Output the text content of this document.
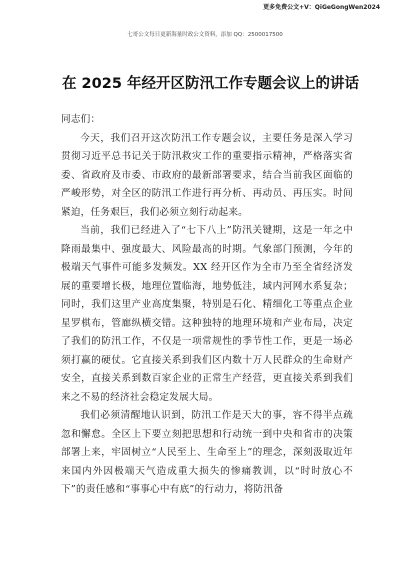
更多免费公文+V：QiGeGongWen2024
七哥公文每日更新海量时政公文资料，添加 QQ：2500017500
在 2025 年经开区防汛工作专题会议上的讲话

同志们：

今天，我们召开这次防汛工作专题会议，主要任务是深入学习贯彻习近平总书记关于防汛救灾工作的重要指示精神，严格落实省委、省政府及市委、市政府的最新部署要求，结合当前我区面临的严峻形势，对全区的防汛工作进行再分析、再动员、再压实。时间紧迫，任务艰巨，我们必须立刻行动起来。

当前，我们已经进入了“七下八上”防汛关键期，这是一年之中降雨最集中、强度最大、风险最高的时期。气象部门预测，今年的极端天气事件可能多发频发。XX 经开区作为全市乃至全省经济发展的重要增长极，地理位置临海，地势低洼，域内河网水系复杂；同时，我们这里产业高度集聚，特别是石化、精细化工等重点企业星罗棋布，管廊纵横交错。这种独特的地理环境和产业布局，决定了我们的防汛工作，不仅是一项常规性的季节性工作，更是一场必须打赢的硬仗。它直接关系到我们区内数十万人民群众的生命财产安全，直接关系到数百家企业的正常生产经营，更直接关系到我们来之不易的经济社会稳定发展大局。

我们必须清醒地认识到，防汛工作是天大的事，容不得半点疏忽和懈怠。全区上下要立刻把思想和行动统一到中央和省市的决策部署上来，牢固树立“人民至上、生命至上”的理念，深刻汲取近年来国内外因极端天气造成重大损失的惨痛教训，以“时时放心不下”的责任感和“事事心中有底”的行动力，将防汛备
